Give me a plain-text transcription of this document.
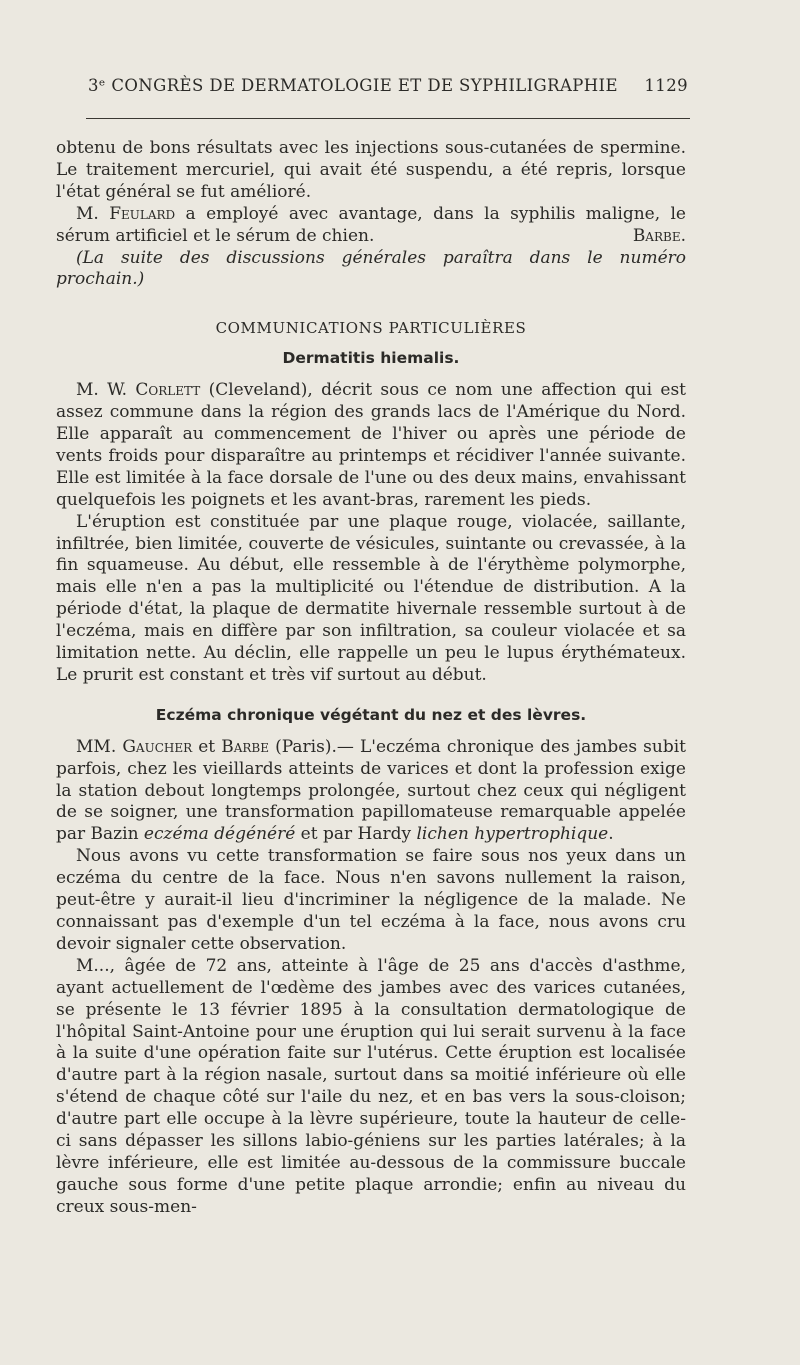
3ᵉ CONGRÈS DE DERMATOLOGIE ET DE SYPHILIGRAPHIE 1129

obtenu de bons résultats avec les injections sous-cutanées de spermine. Le traitement mercuriel, qui avait été suspendu, a été repris, lorsque l'état général se fut amélioré.

M. Feulard a employé avec avantage, dans la syphilis maligne, le sérum artificiel et le sérum de chien.	Barbe.

(La suite des discussions générales paraîtra dans le numéro prochain.)

COMMUNICATIONS PARTICULIÈRES
Dermatitis hiemalis.

M. W. Corlett (Cleveland), décrit sous ce nom une affection qui est assez commune dans la région des grands lacs de l'Amérique du Nord. Elle apparaît au commencement de l'hiver ou après une période de vents froids pour disparaître au printemps et récidiver l'année suivante. Elle est limitée à la face dorsale de l'une ou des deux mains, envahissant quelquefois les poignets et les avant-bras, rarement les pieds.

L'éruption est constituée par une plaque rouge, violacée, saillante, infiltrée, bien limitée, couverte de vésicules, suintante ou crevassée, à la fin squameuse. Au début, elle ressemble à de l'érythème polymorphe, mais elle n'en a pas la multiplicité ou l'étendue de distribution. A la période d'état, la plaque de dermatite hivernale ressemble surtout à de l'eczéma, mais en diffère par son infiltration, sa couleur violacée et sa limitation nette. Au déclin, elle rappelle un peu le lupus érythémateux. Le prurit est constant et très vif surtout au début.

Eczéma chronique végétant du nez et des lèvres.

MM. Gaucher et Barbe (Paris).— L'eczéma chronique des jambes subit parfois, chez les vieillards atteints de varices et dont la profession exige la station debout longtemps prolongée, surtout chez ceux qui négligent de se soigner, une transformation papillomateuse remarquable appelée par Bazin eczéma dégénéré et par Hardy lichen hypertrophique.

Nous avons vu cette transformation se faire sous nos yeux dans un eczéma du centre de la face. Nous n'en savons nullement la raison, peut-être y aurait-il lieu d'incriminer la négligence de la malade. Ne connaissant pas d'exemple d'un tel eczéma à la face, nous avons cru devoir signaler cette observation.

M..., âgée de 72 ans, atteinte à l'âge de 25 ans d'accès d'asthme, ayant actuellement de l'œdème des jambes avec des varices cutanées, se présente le 13 février 1895 à la consultation dermatologique de l'hôpital Saint-Antoine pour une éruption qui lui serait survenu à la face à la suite d'une opération faite sur l'utérus. Cette éruption est localisée d'autre part à la région nasale, surtout dans sa moitié inférieure où elle s'étend de chaque côté sur l'aile du nez, et en bas vers la sous-cloison; d'autre part elle occupe à la lèvre supérieure, toute la hauteur de celle-ci sans dépasser les sillons labio-géniens sur les parties latérales; à la lèvre inférieure, elle est limitée au-dessous de la commissure buccale gauche sous forme d'une petite plaque arrondie; enfin au niveau du creux sous-men-
